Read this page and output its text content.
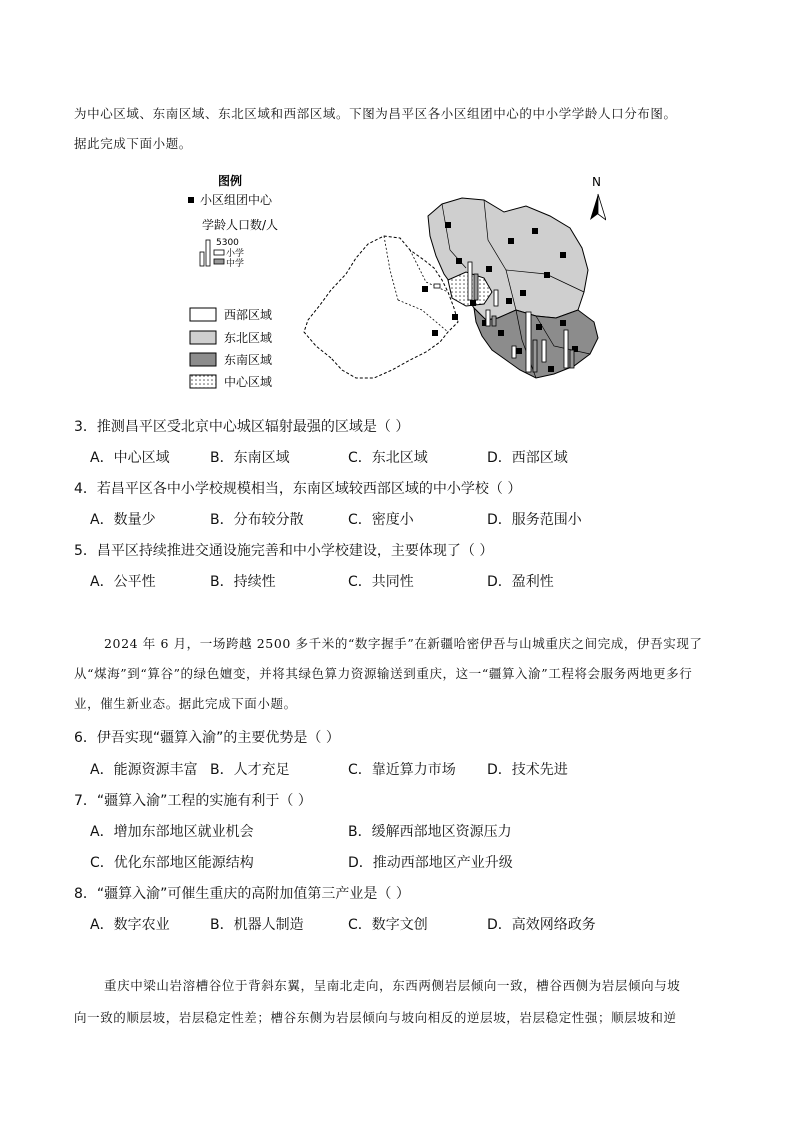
为中心区域、东南区域、东北区域和西部区域。下图为昌平区各小区组团中心的中小学学龄人口分布图。
据此完成下面小题。
图例
小区组团中心
学龄人口数/人
5300
小学
中学
西部区域
东北区域
东南区域
中心区域
N
3．推测昌平区受北京中心城区辐射最强的区域是（ ）
A．中心区域	B．东南区域	C．东北区域	D．西部区域
4．若昌平区各中小学校规模相当，东南区域较西部区域的中小学校（ ）
A．数量少	B．分布较分散	C．密度小	D．服务范围小
5．昌平区持续推进交通设施完善和中小学校建设，主要体现了（ ）
A．公平性	B．持续性	C．共同性	D．盈利性
2024 年 6 月，一场跨越 2500 多千米的“数字握手”在新疆哈密伊吾与山城重庆之间完成，伊吾实现了
从“煤海”到“算谷”的绿色嬗变，并将其绿色算力资源输送到重庆，这一“疆算入渝”工程将会服务两地更多行
业，催生新业态。据此完成下面小题。
6．伊吾实现“疆算入渝”的主要优势是（ ）
A．能源资源丰富 B．人才充足	C．靠近算力市场 D．技术先进
7．“疆算入渝”工程的实施有利于（ ）
A．增加东部地区就业机会	B．缓解西部地区资源压力
C．优化东部地区能源结构	D．推动西部地区产业升级
8．“疆算入渝”可催生重庆的高附加值第三产业是（ ）
A．数字农业	B．机器人制造	C．数字文创	D．高效网络政务
重庆中梁山岩溶槽谷位于背斜东翼，呈南北走向，东西两侧岩层倾向一致，槽谷西侧为岩层倾向与坡
向一致的顺层坡，岩层稳定性差；槽谷东侧为岩层倾向与坡向相反的逆层坡，岩层稳定性强；顺层坡和逆
